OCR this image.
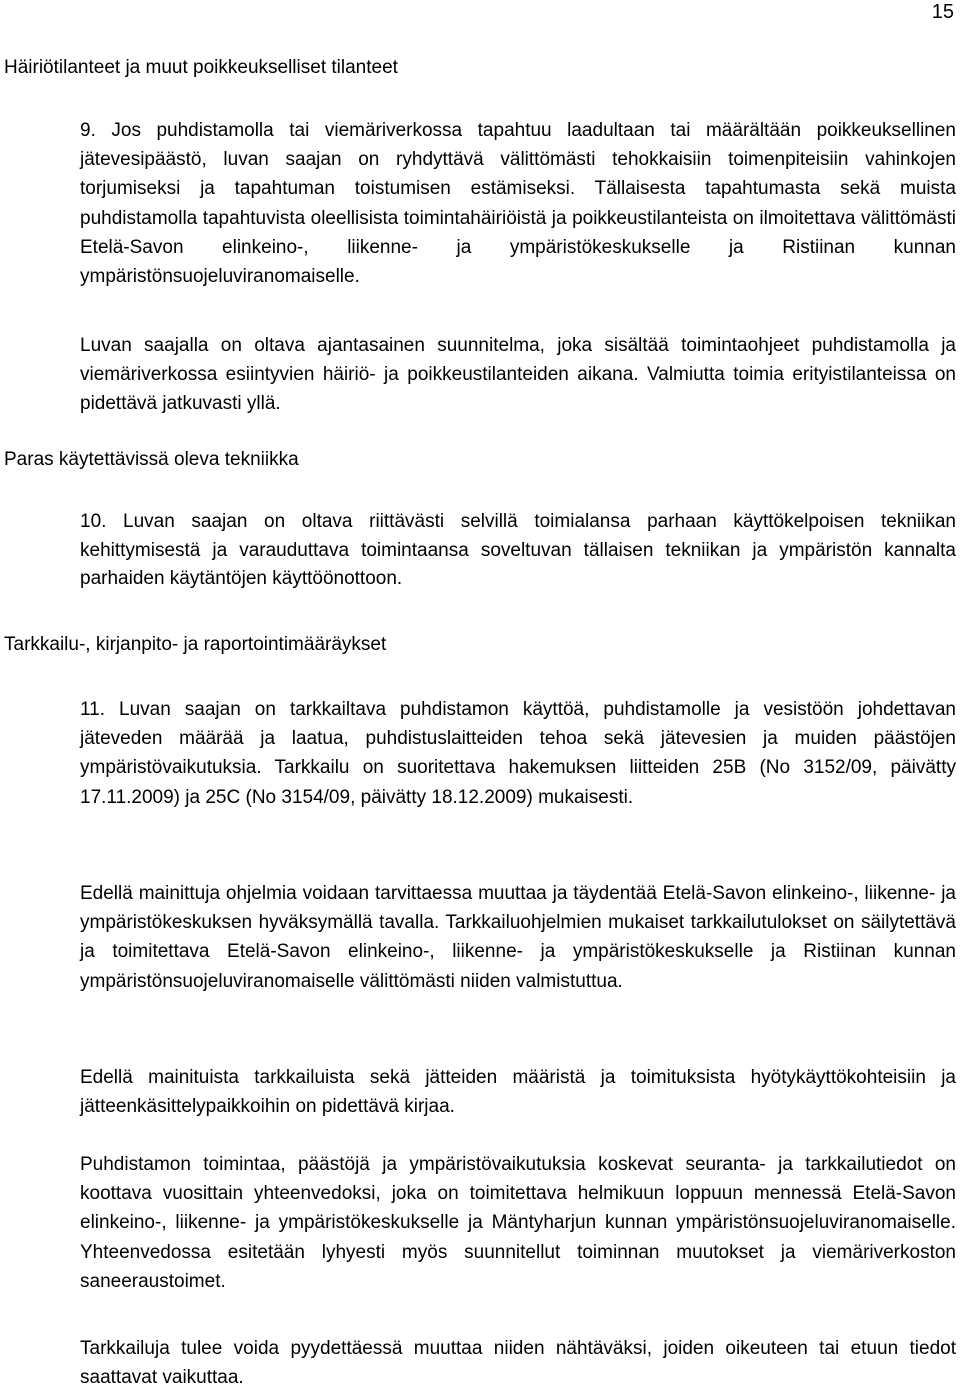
15
Häiriötilanteet ja muut poikkeukselliset tilanteet

9. Jos puhdistamolla tai viemäriverkossa tapahtuu laadultaan tai määrältään poikkeuksellinen jätevesipäästö, luvan saajan on ryhdyttävä välittömästi tehokkaisiin toimenpiteisiin vahinkojen torjumiseksi ja tapahtuman toistumisen estämiseksi. Tällaisesta tapahtumasta sekä muista puhdistamolla tapahtuvista oleellisista toimintahäiriöistä ja poikkeustilanteista on ilmoitettava välittömästi Etelä-Savon elinkeino-, liikenne- ja ympäristökeskukselle ja Ristiinan kunnan ympäristönsuojeluviranomaiselle.

Luvan saajalla on oltava ajantasainen suunnitelma, joka sisältää toimintaohjeet puhdistamolla ja viemäriverkossa esiintyvien häiriö- ja poikkeustilanteiden aikana. Valmiutta toimia erityistilanteissa on pidettävä jatkuvasti yllä.

Paras käytettävissä oleva tekniikka

10. Luvan saajan on oltava riittävästi selvillä toimialansa parhaan käyttökelpoisen tekniikan kehittymisestä ja varauduttava toimintaansa soveltuvan tällaisen tekniikan ja ympäristön kannalta parhaiden käytäntöjen käyttöönottoon.

Tarkkailu-, kirjanpito- ja raportointimääräykset

11. Luvan saajan on tarkkailtava puhdistamon käyttöä, puhdistamolle ja vesistöön johdettavan jäteveden määrää ja laatua, puhdistuslaitteiden tehoa sekä jätevesien ja muiden päästöjen ympäristövaikutuksia. Tarkkailu on suoritettava hakemuksen liitteiden 25B (No 3152/09, päivätty 17.11.2009) ja 25C (No 3154/09, päivätty 18.12.2009) mukaisesti.

Edellä mainittuja ohjelmia voidaan tarvittaessa muuttaa ja täydentää Etelä-Savon elinkeino-, liikenne- ja ympäristökeskuksen hyväksymällä tavalla. Tarkkailuohjelmien mukaiset tarkkailutulokset on säilytettävä ja toimitettava Etelä-Savon elinkeino-, liikenne- ja ympäristökeskukselle ja Ristiinan kunnan ympäristönsuojeluviranomaiselle välittömästi niiden valmistuttua.

Edellä mainituista tarkkailuista sekä jätteiden määristä ja toimituksista hyötykäyttökohteisiin ja jätteenkäsittelypaikkoihin on pidettävä kirjaa.

Puhdistamon toimintaa, päästöjä ja ympäristövaikutuksia koskevat seuranta- ja tarkkailutiedot on koottava vuosittain yhteenvedoksi, joka on toimitettava helmikuun loppuun mennessä Etelä-Savon elinkeino-, liikenne- ja ympäristökeskukselle ja Mäntyharjun kunnan ympäristönsuojeluviranomaiselle. Yhteenvedossa esitetään lyhyesti myös suunnitellut toiminnan muutokset ja viemäriverkoston saneeraustoimet.

Tarkkailuja tulee voida pyydettäessä muuttaa niiden nähtäväksi, joiden oikeuteen tai etuun tiedot saattavat vaikuttaa.
